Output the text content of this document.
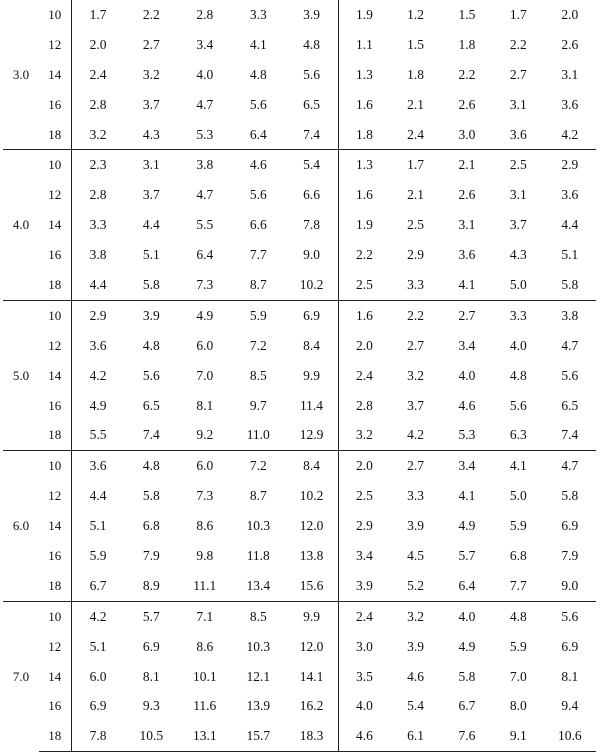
3.0	10	1.7	2.2	2.8	3.3	3.9	1.9	1.2	1.5	1.7	2.0
	12	2.0	2.7	3.4	4.1	4.8	1.1	1.5	1.8	2.2	2.6
	14	2.4	3.2	4.0	4.8	5.6	1.3	1.8	2.2	2.7	3.1
	16	2.8	3.7	4.7	5.6	6.5	1.6	2.1	2.6	3.1	3.6
	18	3.2	4.3	5.3	6.4	7.4	1.8	2.4	3.0	3.6	4.2
4.0	10	2.3	3.1	3.8	4.6	5.4	1.3	1.7	2.1	2.5	2.9
	12	2.8	3.7	4.7	5.6	6.6	1.6	2.1	2.6	3.1	3.6
	14	3.3	4.4	5.5	6.6	7.8	1.9	2.5	3.1	3.7	4.4
	16	3.8	5.1	6.4	7.7	9.0	2.2	2.9	3.6	4.3	5.1
	18	4.4	5.8	7.3	8.7	10.2	2.5	3.3	4.1	5.0	5.8
5.0	10	2.9	3.9	4.9	5.9	6.9	1.6	2.2	2.7	3.3	3.8
	12	3.6	4.8	6.0	7.2	8.4	2.0	2.7	3.4	4.0	4.7
	14	4.2	5.6	7.0	8.5	9.9	2.4	3.2	4.0	4.8	5.6
	16	4.9	6.5	8.1	9.7	11.4	2.8	3.7	4.6	5.6	6.5
	18	5.5	7.4	9.2	11.0	12.9	3.2	4.2	5.3	6.3	7.4
6.0	10	3.6	4.8	6.0	7.2	8.4	2.0	2.7	3.4	4.1	4.7
	12	4.4	5.8	7.3	8.7	10.2	2.5	3.3	4.1	5.0	5.8
	14	5.1	6.8	8.6	10.3	12.0	2.9	3.9	4.9	5.9	6.9
	16	5.9	7.9	9.8	11.8	13.8	3.4	4.5	5.7	6.8	7.9
	18	6.7	8.9	11.1	13.4	15.6	3.9	5.2	6.4	7.7	9.0
7.0	10	4.2	5.7	7.1	8.5	9.9	2.4	3.2	4.0	4.8	5.6
	12	5.1	6.9	8.6	10.3	12.0	3.0	3.9	4.9	5.9	6.9
	14	6.0	8.1	10.1	12.1	14.1	3.5	4.6	5.8	7.0	8.1
	16	6.9	9.3	11.6	13.9	16.2	4.0	5.4	6.7	8.0	9.4
	18	7.8	10.5	13.1	15.7	18.3	4.6	6.1	7.6	9.1	10.6
